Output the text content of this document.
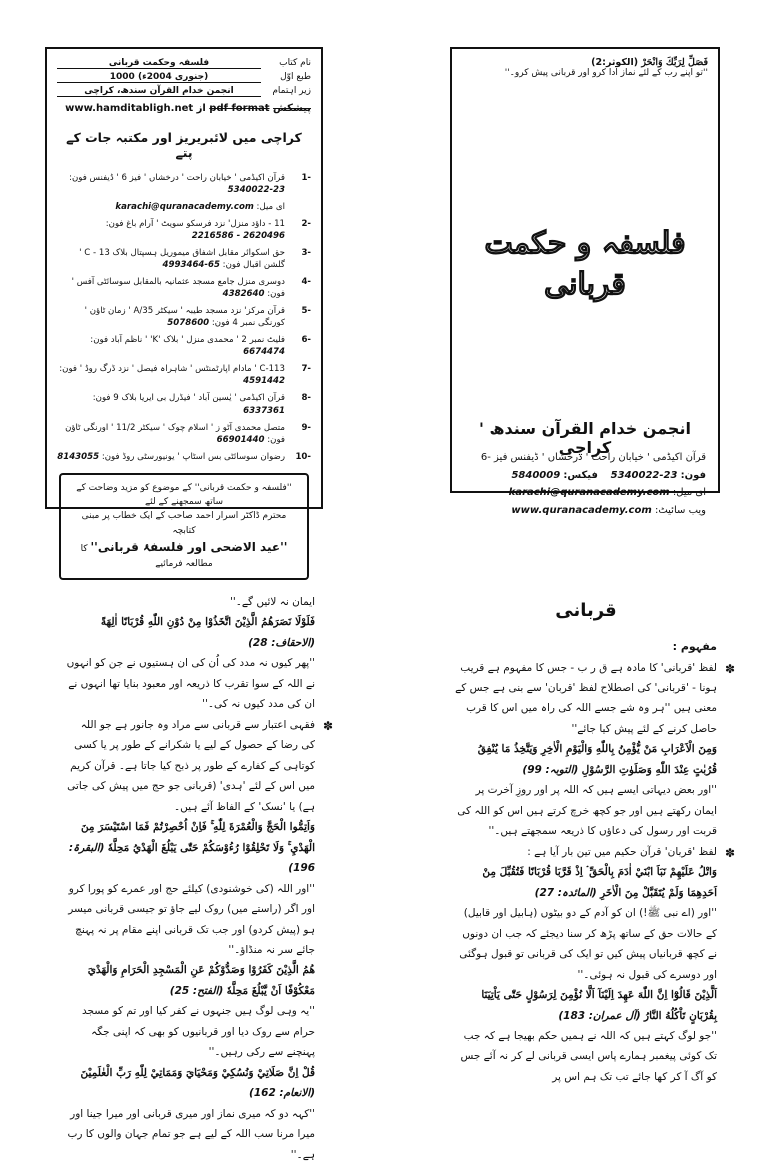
نام کتاب
فلسفہ وحکمت قربانی
طبع اوّل
(جنوری 2004ء) 1000
زیر اہتمام
انجمن خدام القرآن سندھ، کراچی
پیشکش pdf format از www.hamditabligh.net
کراچی میں لائبریریز اور مکتبہ جات کے پتے
-1
قرآن اکیڈمی ' خیابان راحت ' درخشاں ' فیز 6 ' ڈیفنس فون: 5340022-23
ای میل: karachi@quranacademy.com
-2
11 - داؤد منزل' نزد فرسکو سویٹ ' آرام باغ فون: 2216586 - 2620496
-3
حق اسکوائر مقابل اشفاق میموریل ہسپتال بلاک C - 13 ' گلشن اقبال فون: 4993464-65
-4
دوسری منزل جامع مسجد عثمانیہ بالمقابل سوسائٹی آفس ' فون: 4382640
-5
قرآن مرکز' نزد مسجد طیبہ ' سیکٹر 35/A ' زمان ٹاؤن ' کورنگی نمبر 4 فون: 5078600
-6
فلیٹ نمبر 2 ' محمدی منزل ' بلاک 'K' ' ناظم آباد فون: 6674474
-7
C-113 ' مادام اپارٹمنٹس ' شاہراہ فیصل ' نزد ڈرگ روڈ ' فون: 4591442
-8
قرآن اکیڈمی ' یٰسین آباد ' فیڈرل بی ایریا بلاک 9 فون: 6337361
-9
متصل محمدی آٹو ز ' اسلام چوک ' سیکٹر 11/2 ' اورنگی ٹاؤن فون: 66901440
-10
رضوان سوسائٹی بس اسٹاپ ' یونیورسٹی روڈ فون: 8143055
''فلسفہ و حکمت قربانی'' کے موضوع کو مزید وضاحت کے ساتھ سمجھنے کے لئے
محترم ڈاکٹر اسرار احمد صاحب کے ایک خطاب پر مبنی کتابچہ
''عید الاضحی اور فلسفۂ قربانی'' کا مطالعہ فرمائیے
فَصَلِّ لِرَبِّكَ وَانْحَرْ (الکوثر:2)
''تو اپنے رب کے لئے نماز ادا کرو اور قربانی پیش کرو۔''
فلسفہ و حکمت
قربانی
انجمن خدام القرآن سندھ ' کراچی
قرآن اکیڈمی ' خیابان راحت ' درخشاں ' ڈیفنس فیز -6
فون: 5340022-23    فیکس: 5840009
ای میل: karachi@quranacademy.com
ویب سائیٹ: www.quranacademy.com
ایمان نہ لائیں گے۔''
فَلَوْلَا نَصَرَهُمُ الَّذِيْنَ اتَّخَذُوْا مِنْ دُوْنِ اللّٰهِ قُرْبَانًا اٰلِهَةً (الاحقاف: 28)
''پھر کیوں نہ مدد کی اُن کی ان ہستیوں نے جن کو انہوں نے اللہ کے سوا تقرب کا ذریعہ اور معبود بنایا تھا انہوں نے ان کی مدد کیوں نہ کی۔''
✽
فقہی اعتبار سے قربانی سے مراد وہ جانور ہے جو اللہ کی رضا کے حصول کے لیے یا شکرانے کے طور پر یا کسی کوتاہی کے کفارے کے طور پر ذبح کیا جاتا ہے۔ قرآن کریم میں اس کے لئے 'ہدی' (قربانی جو حج میں پیش کی جاتی ہے) یا 'نسک' کے الفاظ آئے ہیں۔
وَاَتِمُّوا الْحَجَّ وَالْعُمْرَةَ لِلّٰهِ ۚ فَاِنْ اُحْصِرْتُمْ فَمَا اسْتَيْسَرَ مِنَ الْهَدْيِ ۚ وَلَا تَحْلِقُوْا رُءُوْسَكُمْ حَتّٰى يَبْلُغَ الْهَدْيُ مَحِلَّهٗ (البقرۃ: 196)
''اور اللہ (کی خوشنودی) کیلئے حج اور عمرے کو پورا کرو اور اگر (راستے میں) روک لیے جاؤ تو جیسی قربانی میسر ہو (پیش کردو) اور جب تک قربانی اپنے مقام پر نہ پہنچ جائے سر نہ منڈاؤ۔''
هُمُ الَّذِيْنَ كَفَرُوْا وَصَدُّوْكُمْ عَنِ الْمَسْجِدِ الْحَرَامِ وَالْهَدْيَ مَعْكُوْفًا اَنْ يَّبْلُغَ مَحِلَّهٗ (الفتح: 25)
''یہ وہی لوگ ہیں جنہوں نے کفر کیا اور تم کو مسجد حرام سے روک دیا اور قربانیوں کو بھی کہ اپنی جگہ پہنچنے سے رکی رہیں۔''
قُلْ اِنَّ صَلَاتِيْ وَنُسُكِيْ وَمَحْيَايَ وَمَمَاتِيْ لِلّٰهِ رَبِّ الْعٰلَمِيْنَ (الانعام: 162)
''کہہ دو کہ میری نماز اور میری قربانی اور میرا جینا اور میرا مرنا سب اللہ کے لیے ہے جو تمام جہان والوں کا رب ہے۔''
قربانی
مفہوم :
✽
لفظ 'قربانی' کا مادہ ہے ق ر ب - جس کا مفہوم ہے قریب ہونا - 'قربانی' کی اصطلاح لفظ 'قربان' سے بنی ہے جس کے معنی ہیں ''ہر وہ شے جسے اللہ کی راہ میں اس کا قرب حاصل کرنے کے لئے پیش کیا جائے''
وَمِنَ الْاَعْرَابِ مَنْ يُّؤْمِنُ بِاللّٰهِ وَالْيَوْمِ الْاٰخِرِ وَيَتَّخِذُ مَا يُنْفِقُ قُرُبٰتٍ عِنْدَ اللّٰهِ وَصَلَوٰتِ الرَّسُوْلِ (التوبہ: 99)
''اور بعض دیہاتی ایسے ہیں کہ اللہ پر اور روزِ آخرت پر ایمان رکھتے ہیں اور جو کچھ خرچ کرتے ہیں اس کو اللہ کی قربت اور رسول کی دعاؤں کا ذریعہ سمجھتے ہیں۔''
✽
لفظ 'قربان' قرآن حکیم میں تین بار آیا ہے :
وَاتْلُ عَلَيْهِمْ نَبَاَ ابْنَيْ اٰدَمَ بِالْحَقِّ ۘ اِذْ قَرَّبَا قُرْبَانًا فَتُقُبِّلَ مِنْ اَحَدِهِمَا وَلَمْ يُتَقَبَّلْ مِنَ الْاٰخَرِ (المائدہ: 27)
''اور (اے نبی ﷺ!) ان کو آدم کے دو بیٹوں (ہابیل اور قابیل) کے حالات حق کے ساتھ پڑھ کر سنا دیجئے کہ جب ان دونوں نے کچھ قربانیاں پیش کیں تو ایک کی قربانی تو قبول ہوگئی اور دوسرے کی قبول نہ ہوئی۔''
اَلَّذِيْنَ قَالُوْٓا اِنَّ اللّٰهَ عَهِدَ اِلَيْنَآ اَلَّا نُؤْمِنَ لِرَسُوْلٍ حَتّٰى يَاْتِيَنَا بِقُرْبَانٍ تَاْكُلُهُ النَّارُ (آل عمران: 183)
''جو لوگ کہتے ہیں کہ اللہ نے ہمیں حکم بھیجا ہے کہ جب تک کوئی پیغمبر ہمارے پاس ایسی قربانی لے کر نہ آئے جس کو آگ آ کر کھا جائے تب تک ہم اس پر
